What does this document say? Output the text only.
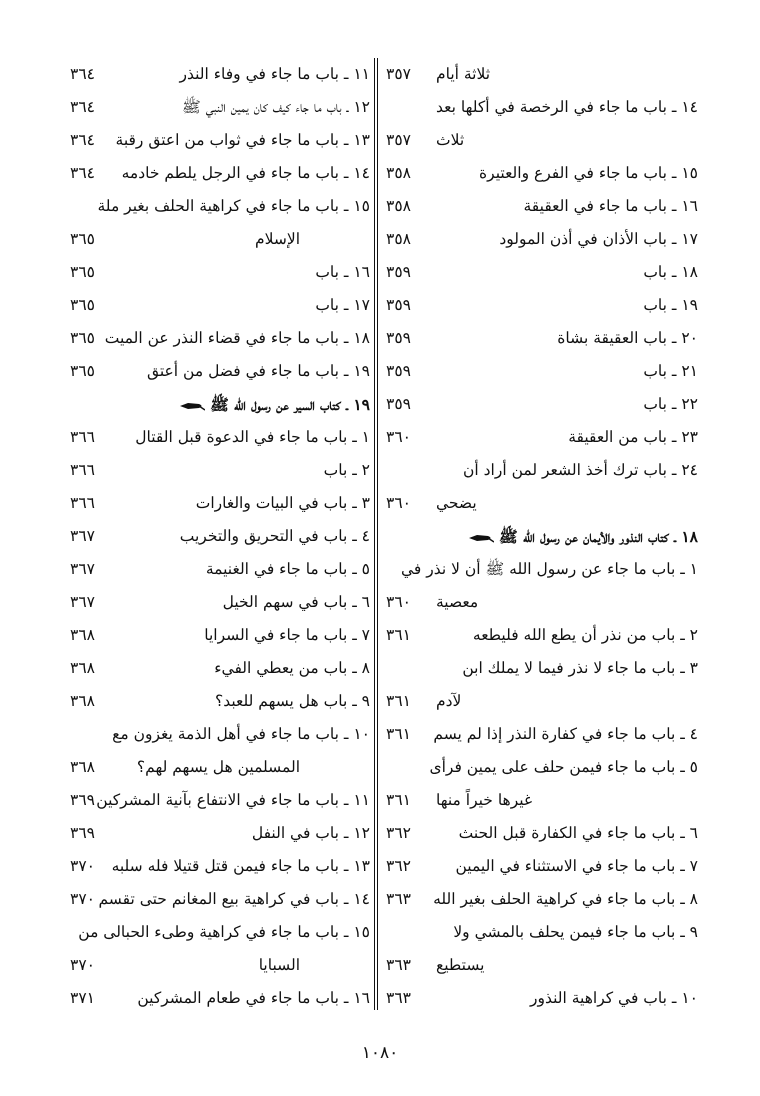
ثلاثة أيام
٣٥٧
١٤ ـ باب ما جاء في الرخصة في أكلها بعد
ثلاث
٣٥٧
١٥ ـ باب ما جاء في الفرع والعتيرة
٣٥٨
١٦ ـ باب ما جاء في العقيقة
٣٥٨
١٧ ـ باب الأذان في أذن المولود
٣٥٨
١٨ ـ باب
٣٥٩
١٩ ـ باب
٣٥٩
٢٠ ـ باب العقيقة بشاة
٣٥٩
٢١ ـ باب
٣٥٩
٢٢ ـ باب
٣٥٩
٢٣ ـ باب من العقيقة
٣٦٠
٢٤ ـ باب ترك أخذ الشعر لمن أراد أن
يضحي
٣٦٠
١٨ ـ كتاب النذور والأيمان عن رسول الله ﷺ
١ ـ باب ما جاء عن رسول الله ﷺ أن لا نذر في
معصية
٣٦٠
٢ ـ باب من نذر أن يطع الله فليطعه
٣٦١
٣ ـ باب ما جاء لا نذر فيما لا يملك ابن
لآدم
٣٦١
٤ ـ باب ما جاء في كفارة النذر إذا لم يسم
٣٦١
٥ ـ باب ما جاء فيمن حلف على يمين فرأى
غيرها خيراً منها
٣٦١
٦ ـ باب ما جاء في الكفارة قبل الحنث
٣٦٢
٧ ـ باب ما جاء في الاستثناء في اليمين
٣٦٢
٨ ـ باب ما جاء في كراهية الحلف بغير الله
٣٦٣
٩ ـ باب ما جاء فيمن يحلف بالمشي ولا
يستطيع
٣٦٣
١٠ ـ باب في كراهية النذور
٣٦٣
١١ ـ باب ما جاء في وفاء النذر
٣٦٤
١٢ ـ باب ما جاء كيف كان يمين النبي ﷺ
٣٦٤
١٣ ـ باب ما جاء في ثواب من اعتق رقبة
٣٦٤
١٤ ـ باب ما جاء في الرجل يلطم خادمه
٣٦٤
١٥ ـ باب ما جاء في كراهية الحلف بغير ملة
الإسلام
٣٦٥
١٦ ـ باب
٣٦٥
١٧ ـ باب
٣٦٥
١٨ ـ باب ما جاء في قضاء النذر عن الميت
٣٦٥
١٩ ـ باب ما جاء في فضل من أعتق
٣٦٥
١٩ ـ كتاب السير عن رسول الله ﷺ
١ ـ باب ما جاء في الدعوة قبل القتال
٣٦٦
٢ ـ باب
٣٦٦
٣ ـ باب في البيات والغارات
٣٦٦
٤ ـ باب في التحريق والتخريب
٣٦٧
٥ ـ باب ما جاء في الغنيمة
٣٦٧
٦ ـ باب في سهم الخيل
٣٦٧
٧ ـ باب ما جاء في السرايا
٣٦٨
٨ ـ باب من يعطي الفيء
٣٦٨
٩ ـ باب هل يسهم للعبد؟
٣٦٨
١٠ ـ باب ما جاء في أهل الذمة يغزون مع
المسلمين هل يسهم لهم؟
٣٦٨
١١ ـ باب ما جاء في الانتفاع بآنية المشركين
٣٦٩
١٢ ـ باب في النفل
٣٦٩
١٣ ـ باب ما جاء فيمن قتل قتيلا فله سلبه
٣٧٠
١٤ ـ باب في كراهية بيع المغانم حتى تقسم
٣٧٠
١٥ ـ باب ما جاء في كراهية وطىء الحبالى من
السبايا
٣٧٠
١٦ ـ باب ما جاء في طعام المشركين
٣٧١
١٠٨٠
